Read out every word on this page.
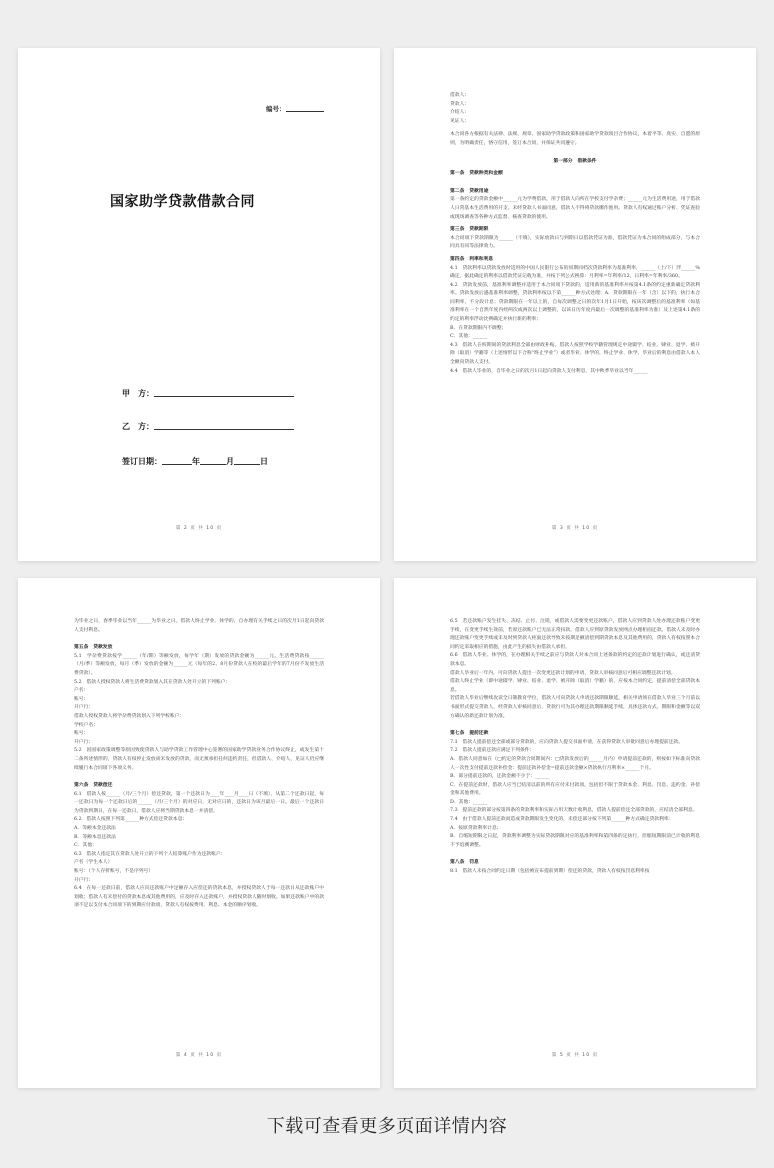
编号：
国家助学贷款借款合同
甲　方：
乙　方：
签订日期：	年	月	日
第 2 页 共 10 页

借款人：

贷款人：

介绍人：

见证人：

本合同各方根据有关法律、法规、规章、国家助学贷款政策和国家助学贷款项目合作协议，本着平等、真实、自愿的原则，为明确责任，恪守信用，签订本合同，并保证共同遵守。

第一部分　借款条件

第一条　贷款种类和金额

第二条　贷款用途

第一条约定的贷款金额中______元为学费借款，用于借款人向所在学校支付学杂费；______元为生活费用途，用于借款人日常基本生活费用的开支。未经贷款人书面同意，借款人不得将贷款挪作他用。贷款人有权通过账户分析、凭证查验或现场调查等各种方式监督、核查贷款的使用。

第三条　贷款期限

本合同项下贷款期限为______（不填），实际放款日与到期日以借款凭证为准，借款凭证为本合同的组成部分，与本合同具有同等法律效力。

第四条　利率和利息

4.1　贷款利率以贷款发放时适用的中国人民银行公布的同期同档次贷款利率为基准利率，______（上/下）浮______%确定，据此确定的利率以借款凭证记载为准，并按下列公式换算：月利率=年利率/12，日利率=年利率/360。

4.2　贷款发放前，基准利率调整并适用于本合同项下贷款的，适用新的基准利率并按第4.1条的约定重新确定贷款利率。贷款发放后遇基准利率调整，贷款利率按以下第______种方式处理：A．贷款期限在一年（含）以下的，执行本合同利率，不分段计息；贷款期限在一年以上的，自每次调整之日的次年1月1日开始，按该次调整后的基准利率（如基准利率在一个自然年度内经两次或两次以上调整的，以该日历年度内最后一次调整的基准利率为准）及上述第4.1条的约定的利率浮动比例确定并执行新的利率；

B．在贷款期限内不调整；

C．其他：______

4.3　借款人在校期间的贷款利息全部由财政补贴。借款人按照学校学籍管理规定中途辍学、结业、肄业、退学、被开除（取消）学籍等（上述情形以下合称“终止学业”）或者毕业、休学的，终止学业、休学、毕业后的利息由借款人本人全额向贷款人支付。

4.4　借款人毕业的，自毕业之日的次月1日起向贷款人支付利息，其中秋季毕业以当年______

第 3 页 共 10 页

为毕业之日，春季毕业以当年______为毕业之日。借款人终止学业、休学的，自办理有关手续之日的次月1日起向贷款人支付利息。

第五条　贷款发放

5.1　学杂费贷款按学______（年/期）等额发放，每学年（期）发放的贷款金额为______元。生活费贷款按______（月/季）等额发放，每月（季）发放的金额为______元（每年的2、8月份贷款人在校的最后学年的7月份不发放生活费贷款）。

5.2　借款人授权贷款人将生活费贷款划入其在贷款人处开立的下列账户：

户名：

账号：

开户行：

借款人授权贷款人将学杂费贷款划入下列学校账户：

学校户名：

账号：

开户行：

5.2　因国家政策调整等原因致使贷款人与助学贷款工作管理中心签署的国家助学贷款业务合作协议终止，或发生第十二条所述情形的，贷款人有权停止发放尚未发放的贷款，而无须承担任何违约责任，但借款人、介绍人、见证人仍应继续履行本合同项下各项义务。

第六条　贷款偿还

6.1　借款人按______（月/三个月）偿还贷款，第一个还款日为____年____月____日（不填），从第二个还款日起，每一还款日为每一个还款日后的______（月/三个月）的对应日，无对应日的，还款日为该月最后一日。最后一个还款日为贷款到期日，在每一还款日，借款人应将当期贷款本息一并清偿。

6.2　借款人按照下列第______种方式偿还贷款本息：

A．等额本金还款法

B．等额本息还款法

C．其他：

6.3　借款人指定其在贷款人处开立的下列个人结算账户作为还款账户：

户名（学生本人）

账号：（个人存折账号，不是序列号）

开户行：

6.4　在每一还款日前，借款人应向还款账户中足额存入应偿还的贷款本息，并授权贷款人于每一还款日从还款账户中划收；借款人有未偿付的贷款本息或其他费用的，应及时存入还款账户，并授权贷款人随时划收。如果还款账户中的款项不足以支付本合同项下的到期应付款项，贷款人有权按费用、利息、本金的顺序划收。

第 4 页 共 10 页

6.5　若还款账户发生挂失、冻结、止付、注销，或借款人需要变更还款账户，借款人应到贷款人处办理还款账户变更手续，在变更手续生效前，若原还款账户已无法正常扣款，借款人应到原贷款发放网点办理柜面还款。借款人未及时办理还款账户变更手续或未及时到贷款人柜面还款导致未按期足额清偿到期贷款本息及其他费用的，贷款人有权按照本合同约定采取相应的措施，由此产生的损失由借款人承担。

6.6　借款人毕业、休学的，在办理相关手续之前应与贷款人对本合同上述条款的约定的还款计划进行确认，或还清贷款本息。

借款人毕业后一年内，可向贷款人提出一次变更还款计划的申请，贷款人审核同意后可相应调整还款计划。

借款人终止学业（即中途辍学、肄业、结业、退学、被开除（取消）学籍）的，应按本合同约定，提前清偿全部贷款本息。

若借款人毕业后继续攻读全日制教育学位，借款人可向贷款人申请还款期限顺延，相关申请须在借款人毕业三个月前以书面形式提交贷款人，经贷款人审核同意后，贷款行可为其办理还款期限顺延手续，具体还款方式、期限和金额等以双方确认的新还款计划为准。

第七条　提前还款

7.1　借款人提前偿还全部或部分贷款的，应向贷款人提交书面申请，在获得贷款人审批同意后办理提前还款。

7.2　借款人提前还款应满足下列条件：

A．借款人同意如在（□约定的贷款合同期间内：□贷款发放后的______月内）申请提前还款的，则按如下标准向贷款人一次性支付提前还款补偿金：提前还款补偿金=提前还款金额×贷款执行月利率×______个月。

B．部分提前还款的，还款金额不少于：______

C．在提前还款时，借款人应当已结清以前的所有应付未付款项，包括但不限于贷款本金、利息、罚息、违约金、补偿金和其他费用。

D．其他：______

7.3　提前还款的部分按第四条的贷款利率和实际占用天数计收利息，借款人提前偿还全部贷款的，应结清全部利息。

7.4　由于借款人提前还款而造成贷款期限发生变化的，未偿还部分按下列第______种方式确定贷款利率：

A．按原贷款利率计息；

B．自缩短期限之日起，贷款利率调整为实际贷款期限对应的基准利率和第四条的定执行，但缩短期限前已计收的利息不予追溯调整。

第八条　罚息

8.1　借款人未按合同约定日期（包括被宣布提前到期）偿还的贷款，贷款人有权按罚息利率按

第 5 页 共 10 页
下载可查看更多页面详情内容
